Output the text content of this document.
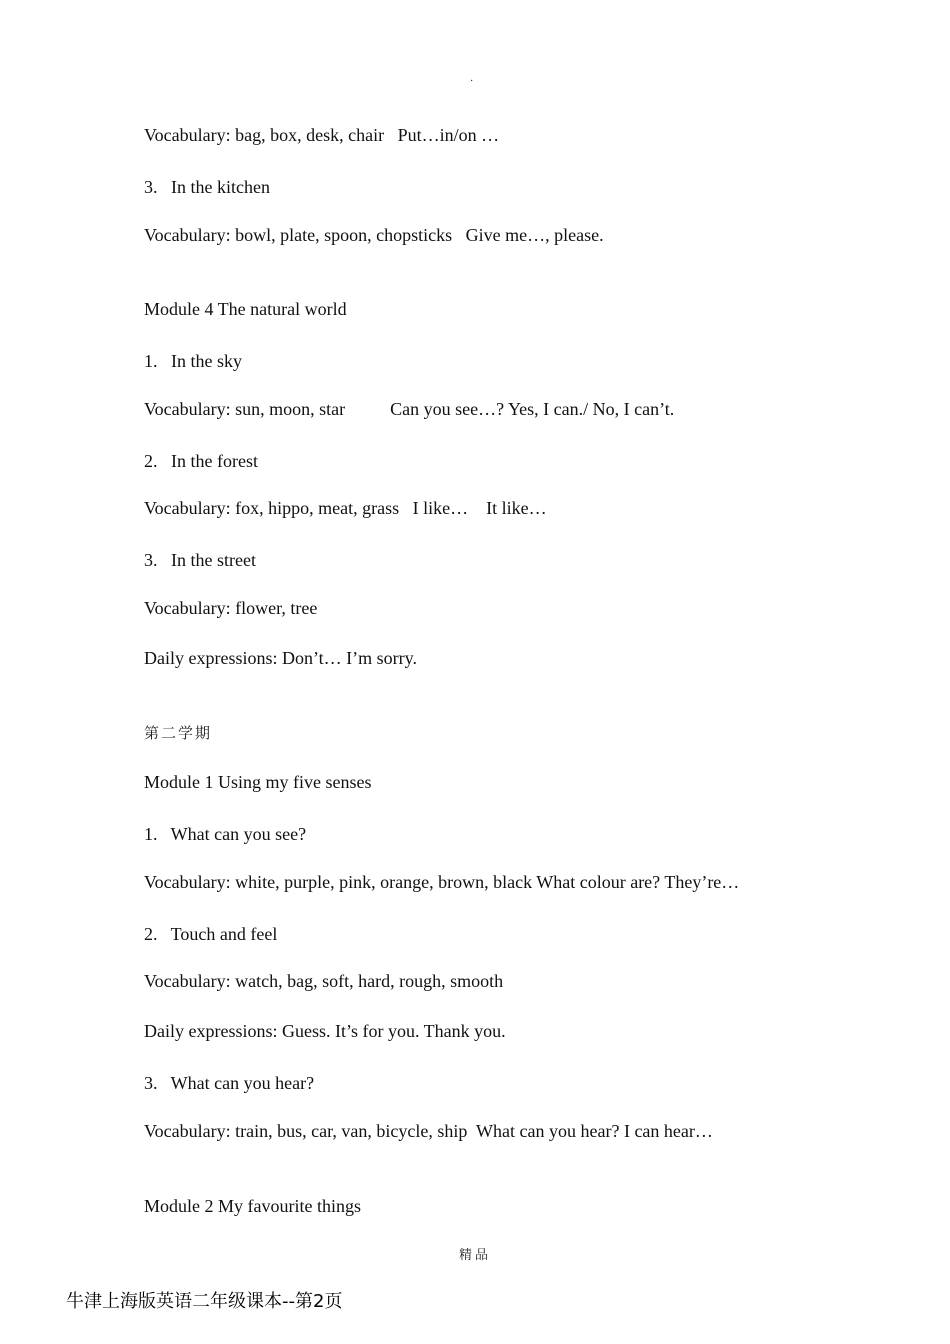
·
Vocabulary: bag, box, desk, chair   Put…in/on …
3.   In the kitchen
Vocabulary: bowl, plate, spoon, chopsticks   Give me…, please.
Module 4 The natural world
1.   In the sky
Vocabulary: sun, moon, star          Can you see…? Yes, I can./ No, I can’t.
2.   In the forest
Vocabulary: fox, hippo, meat, grass   I like…    It like…
3.   In the street
Vocabulary: flower, tree
Daily expressions: Don’t… I’m sorry.
第二学期
Module 1 Using my five senses
1.   What can you see?
Vocabulary: white, purple, pink, orange, brown, black What colour are? They’re…
2.   Touch and feel
Vocabulary: watch, bag, soft, hard, rough, smooth
Daily expressions: Guess. It’s for you. Thank you.
3.   What can you hear?
Vocabulary: train, bus, car, van, bicycle, ship  What can you hear? I can hear…
Module 2 My favourite things
精品
牛津上海版英语二年级课本--第2页
